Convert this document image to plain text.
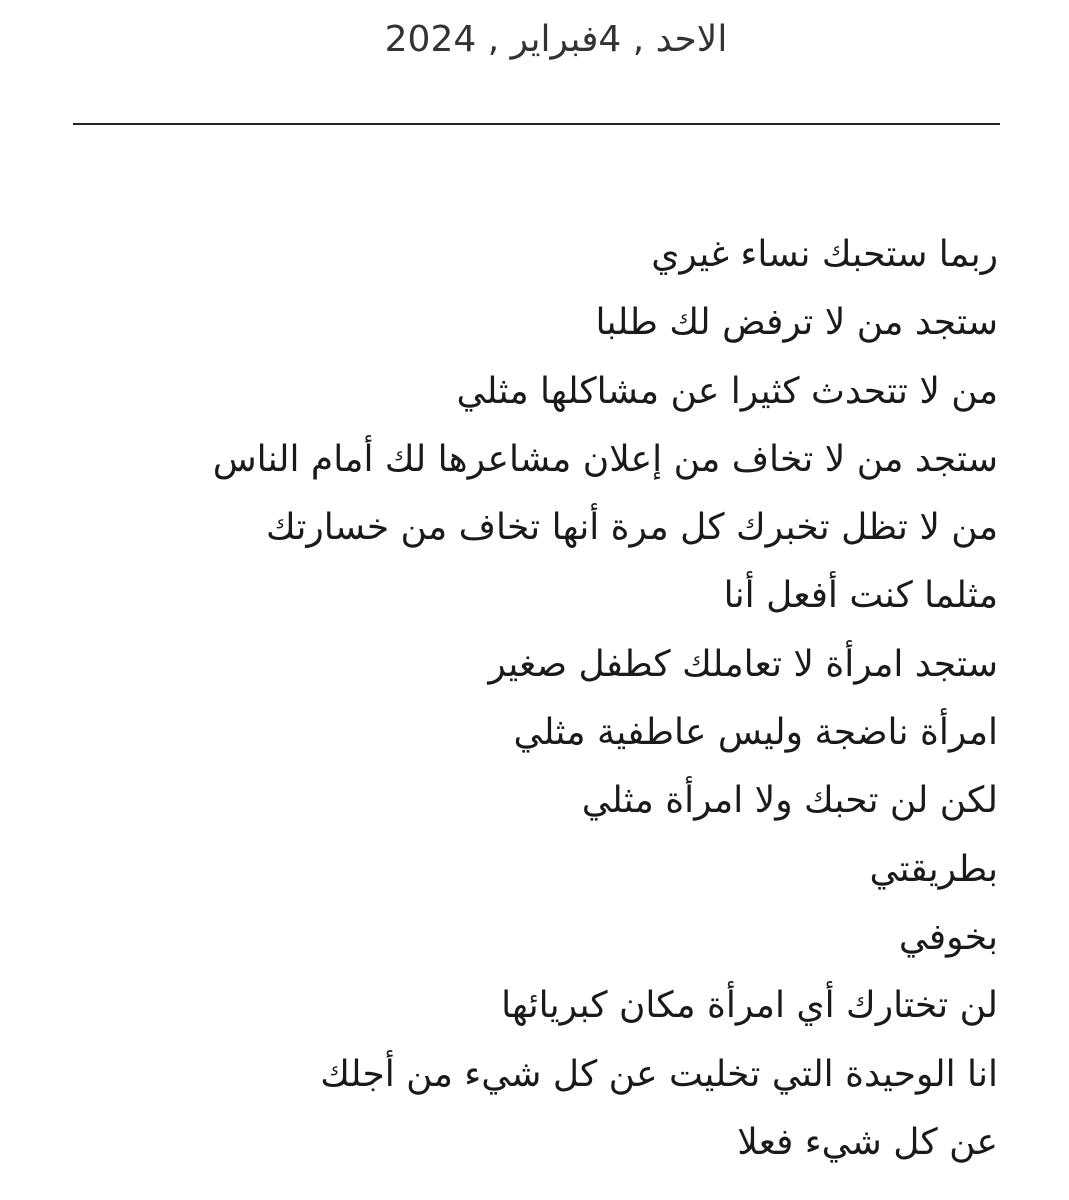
الاحد , 4فبراير , 2024
ربما ستحبك نساء غيري
ستجد من لا ترفض لك طلبا
من لا تتحدث كثيرا عن مشاكلها مثلي
ستجد من لا تخاف من إعلان مشاعرها لك أمام الناس
من لا تظل تخبرك كل مرة أنها تخاف من خسارتك
مثلما كنت أفعل أنا
ستجد امرأة لا تعاملك كطفل صغير
امرأة ناضجة وليس عاطفية مثلي
لكن لن تحبك ولا امرأة مثلي
بطريقتي
بخوفي
لن تختارك أي امرأة مكان كبريائها
انا الوحيدة التي تخليت عن كل شيء من أجلك
عن كل شيء فعلا
